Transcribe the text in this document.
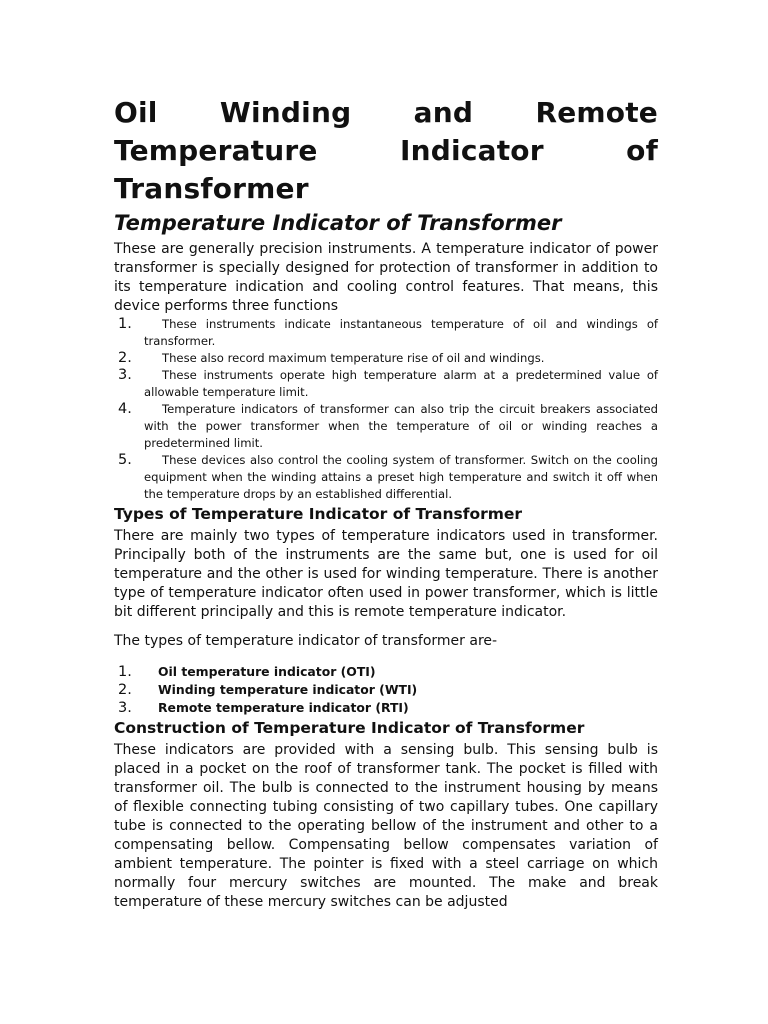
Oil Winding and Remote Temperature Indicator of Transformer
Temperature Indicator of Transformer

These are generally precision instruments. A temperature indicator of power transformer is specially designed for protection of transformer in addition to its temperature indication and cooling control features. That means, this device performs three functions

1.	These instruments indicate instantaneous temperature of oil and windings of transformer.
2.	These also record maximum temperature rise of oil and windings.
3.	These instruments operate high temperature alarm at a predetermined value of allowable temperature limit.
4.	Temperature indicators of transformer can also trip the circuit breakers associated with the power transformer when the temperature of oil or winding reaches a predetermined limit.
5.	These devices also control the cooling system of transformer. Switch on the cooling equipment when the winding attains a preset high temperature and switch it off when the temperature drops by an established differential.
Types of Temperature Indicator of Transformer

There are mainly two types of temperature indicators used in transformer. Principally both of the instruments are the same but, one is used for oil temperature and the other is used for winding temperature. There is another type of temperature indicator often used in power transformer, which is little bit different principally and this is remote temperature indicator.

The types of temperature indicator of transformer are-

1.	Oil temperature indicator (OTI)
2.	Winding temperature indicator (WTI)
3.	Remote temperature indicator (RTI)
Construction of Temperature Indicator of Transformer

These indicators are provided with a sensing bulb. This sensing bulb is placed in a pocket on the roof of transformer tank. The pocket is filled with transformer oil. The bulb is connected to the instrument housing by means of flexible connecting tubing consisting of two capillary tubes. One capillary tube is connected to the operating bellow of the instrument and other to a compensating bellow. Compensating bellow compensates variation of ambient temperature. The pointer is fixed with a steel carriage on which normally four mercury switches are mounted. The make and break temperature of these mercury switches can be adjusted
